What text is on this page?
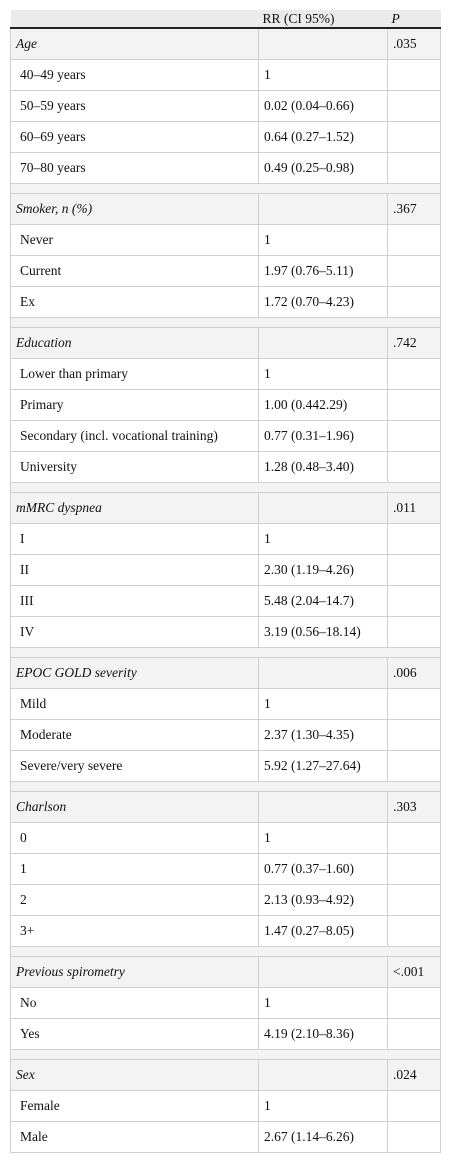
	RR (CI 95%)	P
Age		.035
40–49 years	1	
50–59 years	0.02 (0.04–0.66)	
60–69 years	0.64 (0.27–1.52)	
70–80 years	0.49 (0.25–0.98)	

Smoker, n (%)		.367
Never	1	
Current	1.97 (0.76–5.11)	
Ex	1.72 (0.70–4.23)	

Education		.742
Lower than primary	1	
Primary	1.00 (0.442.29)	
Secondary (incl. vocational training)	0.77 (0.31–1.96)	
University	1.28 (0.48–3.40)	

mMRC dyspnea		.011
I	1	
II	2.30 (1.19–4.26)	
III	5.48 (2.04–14.7)	
IV	3.19 (0.56–18.14)	

EPOC GOLD severity		.006
Mild	1	
Moderate	2.37 (1.30–4.35)	
Severe/very severe	5.92 (1.27–27.64)	

Charlson		.303
0	1	
1	0.77 (0.37–1.60)	
2	2.13 (0.93–4.92)	
3+	1.47 (0.27–8.05)	

Previous spirometry		<.001
No	1	
Yes	4.19 (2.10–8.36)	

Sex		.024
Female	1	
Male	2.67 (1.14–6.26)	
